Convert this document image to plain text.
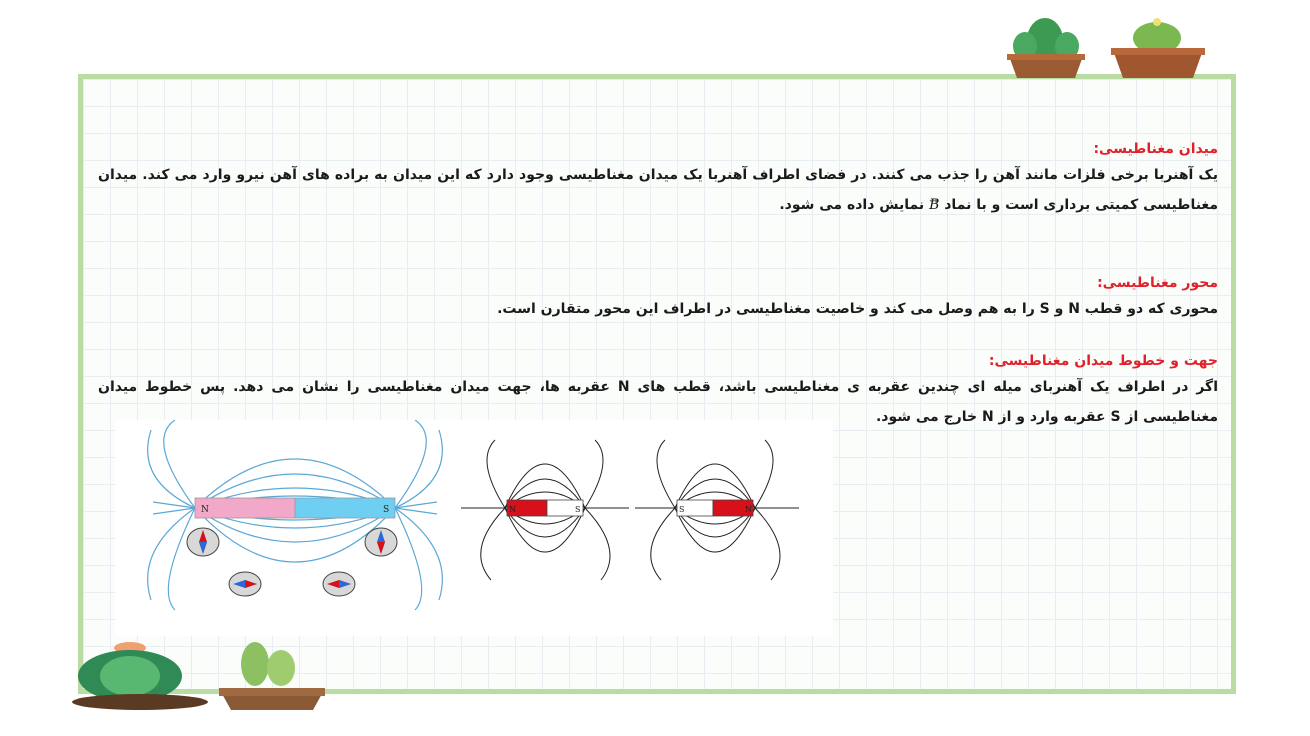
میدان مغناطیسی:

یک آهنربا برخی فلزات مانند آهن را جذب می کنند. در فضای اطراف آهنربا یک میدان مغناطیسی وجود دارد که این میدان به براده های آهن نیرو وارد می کند. میدان مغناطیسی کمیتی برداری است و با نماد → B نمایش داده می شود.

محور مغناطیسی:

محوری که دو قطب N و S را به هم وصل می کند و خاصیت مغناطیسی در اطراف این محور متقارن است.

جهت و خطوط میدان مغناطیسی:

اگر در اطراف یک آهنربای میله ای چندین عقربه ی مغناطیسی باشد، قطب های N عقربه ها، جهت میدان مغناطیسی را نشان می دهد. پس خطوط میدان مغناطیسی از S عقربه وارد و از N خارج می شود.

N	S	N	S	S	N
